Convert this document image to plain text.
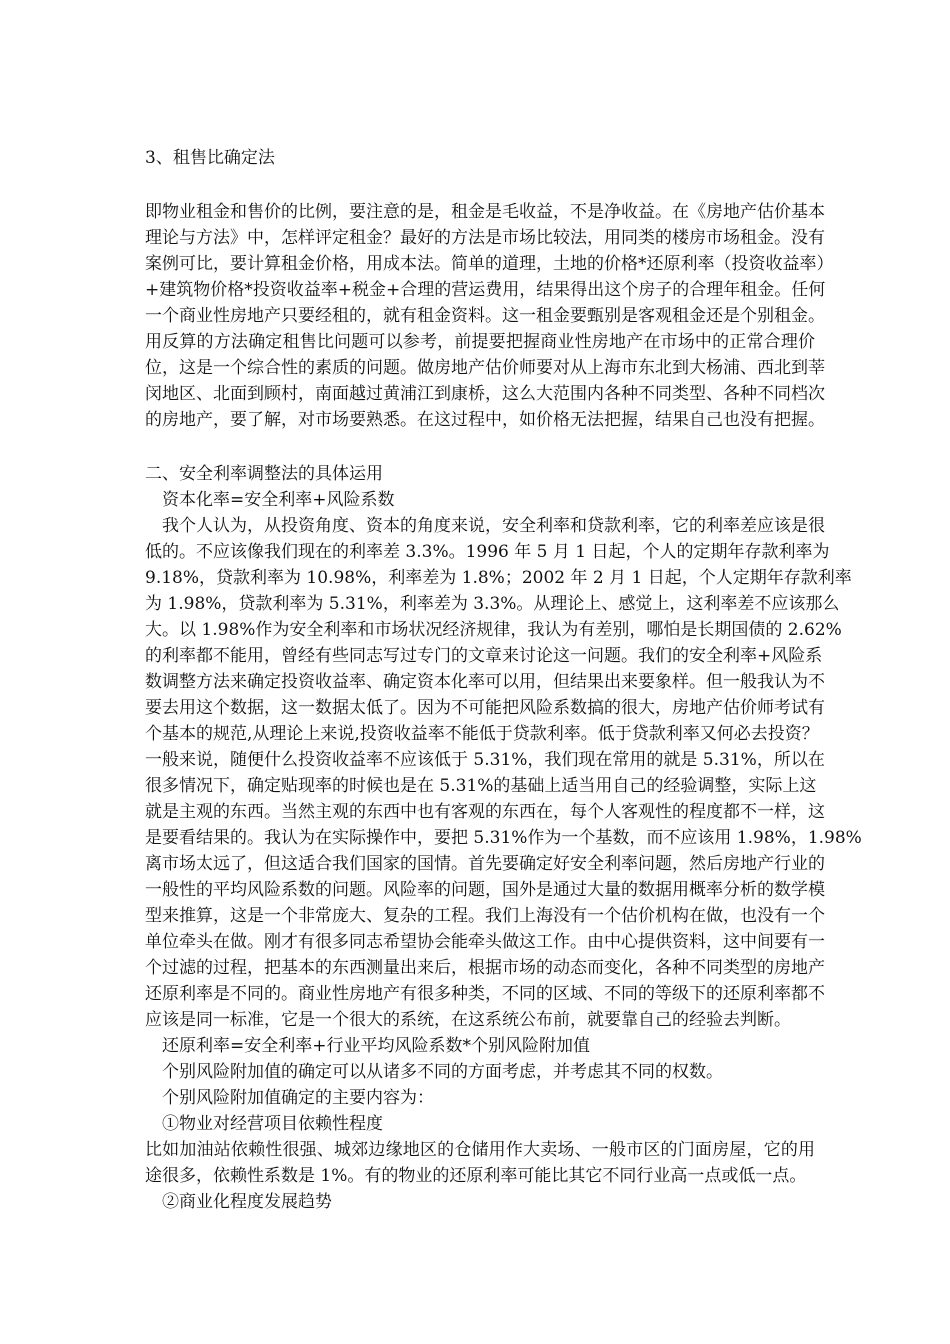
3、租售比确定法
即物业租金和售价的比例，要注意的是，租金是毛收益，不是净收益。在《房地产估价基本
理论与方法》中，怎样评定租金？最好的方法是市场比较法，用同类的楼房市场租金。没有
案例可比，要计算租金价格，用成本法。简单的道理，土地的价格*还原利率（投资收益率）
+建筑物价格*投资收益率+税金+合理的营运费用，结果得出这个房子的合理年租金。任何
一个商业性房地产只要经租的，就有租金资料。这一租金要甄别是客观租金还是个别租金。
用反算的方法确定租售比问题可以参考，前提要把握商业性房地产在市场中的正常合理价
位，这是一个综合性的素质的问题。做房地产估价师要对从上海市东北到大杨浦、西北到莘
闵地区、北面到顾村，南面越过黄浦江到康桥，这么大范围内各种不同类型、各种不同档次
的房地产，要了解，对市场要熟悉。在这过程中，如价格无法把握，结果自己也没有把握。
二、安全利率调整法的具体运用
资本化率=安全利率+风险系数
我个人认为，从投资角度、资本的角度来说，安全利率和贷款利率，它的利率差应该是很
低的。不应该像我们现在的利率差 3.3%。1996 年 5 月 1 日起，个人的定期年存款利率为
9.18%，贷款利率为 10.98%，利率差为 1.8%；2002 年 2 月 1 日起，个人定期年存款利率
为 1.98%，贷款利率为 5.31%，利率差为 3.3%。从理论上、感觉上，这利率差不应该那么
大。以 1.98%作为安全利率和市场状况经济规律，我认为有差别，哪怕是长期国债的 2.62%
的利率都不能用，曾经有些同志写过专门的文章来讨论这一问题。我们的安全利率+风险系
数调整方法来确定投资收益率、确定资本化率可以用，但结果出来要象样。但一般我认为不
要去用这个数据，这一数据太低了。因为不可能把风险系数搞的很大，房地产估价师考试有
个基本的规范,从理论上来说,投资收益率不能低于贷款利率。低于贷款利率又何必去投资？
一般来说，随便什么投资收益率不应该低于 5.31%，我们现在常用的就是 5.31%，所以在
很多情况下，确定贴现率的时候也是在 5.31%的基础上适当用自己的经验调整，实际上这
就是主观的东西。当然主观的东西中也有客观的东西在，每个人客观性的程度都不一样，这
是要看结果的。我认为在实际操作中，要把 5.31%作为一个基数，而不应该用 1.98%，1.98%
离市场太远了，但这适合我们国家的国情。首先要确定好安全利率问题，然后房地产行业的
一般性的平均风险系数的问题。风险率的问题，国外是通过大量的数据用概率分析的数学模
型来推算，这是一个非常庞大、复杂的工程。我们上海没有一个估价机构在做，也没有一个
单位牵头在做。刚才有很多同志希望协会能牵头做这工作。由中心提供资料，这中间要有一
个过滤的过程，把基本的东西测量出来后，根据市场的动态而变化，各种不同类型的房地产
还原利率是不同的。商业性房地产有很多种类，不同的区域、不同的等级下的还原利率都不
应该是同一标准，它是一个很大的系统，在这系统公布前，就要靠自己的经验去判断。
还原利率=安全利率+行业平均风险系数*个别风险附加值
个别风险附加值的确定可以从诸多不同的方面考虑，并考虑其不同的权数。
个别风险附加值确定的主要内容为：
①物业对经营项目依赖性程度
比如加油站依赖性很强、城郊边缘地区的仓储用作大卖场、一般市区的门面房屋，它的用
途很多，依赖性系数是 1%。有的物业的还原利率可能比其它不同行业高一点或低一点。
②商业化程度发展趋势
